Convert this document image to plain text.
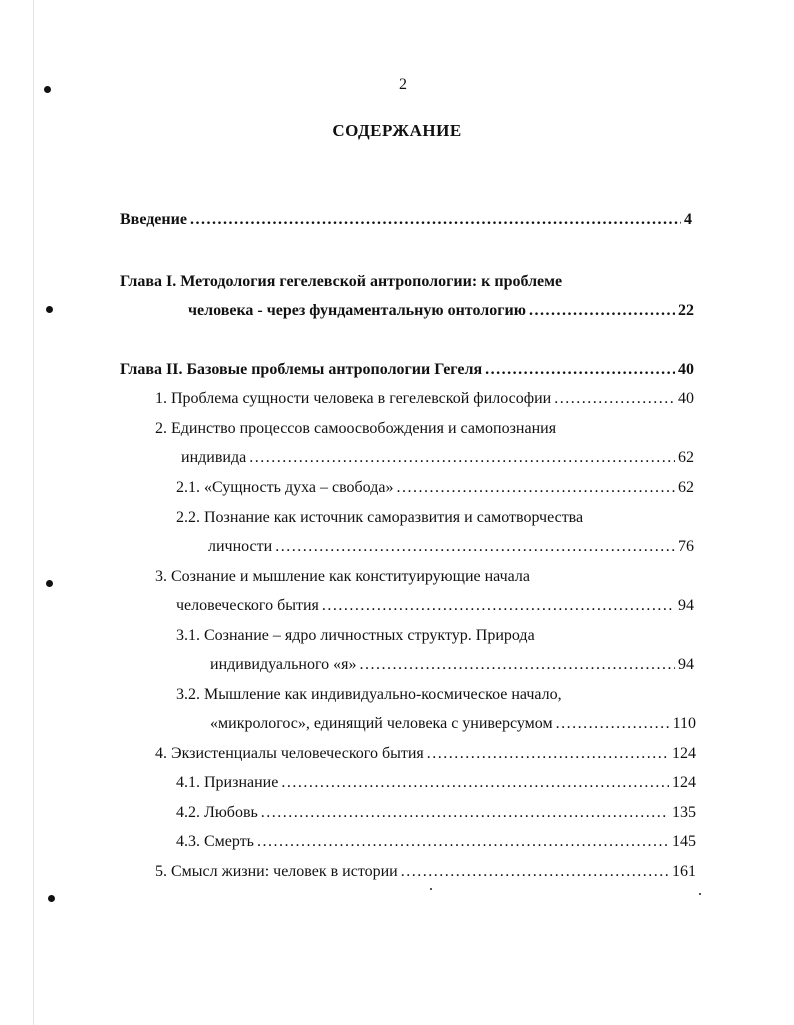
2
СОДЕРЖАНИЕ
Введение .....	4
Глава I. Методология гегелевской антропологии: к проблеме
человека - через фундаментальную онтологию .....	22
Глава II. Базовые проблемы антропологии Гегеля .....	40
1. Проблема сущности человека в гегелевской философии .....	40
2. Единство процессов самоосвобождения и самопознания
индивида .....	62
2.1. «Сущность духа – свобода» .....	62
2.2. Познание как источник саморазвития и самотворчества
личности .....	76
3. Сознание и мышление как конституирующие начала
человеческого бытия .....	94
3.1. Сознание – ядро личностных структур. Природа
индивидуального «я» .....	94
3.2. Мышление как индивидуально-космическое начало,
«микрологос», единящий человека с универсумом .....	110
4. Экзистенциалы человеческого бытия .....	124
4.1. Признание .....	124
4.2. Любовь .....	135
4.3. Смерть .....	145
5. Смысл жизни: человек в истории .....	161
